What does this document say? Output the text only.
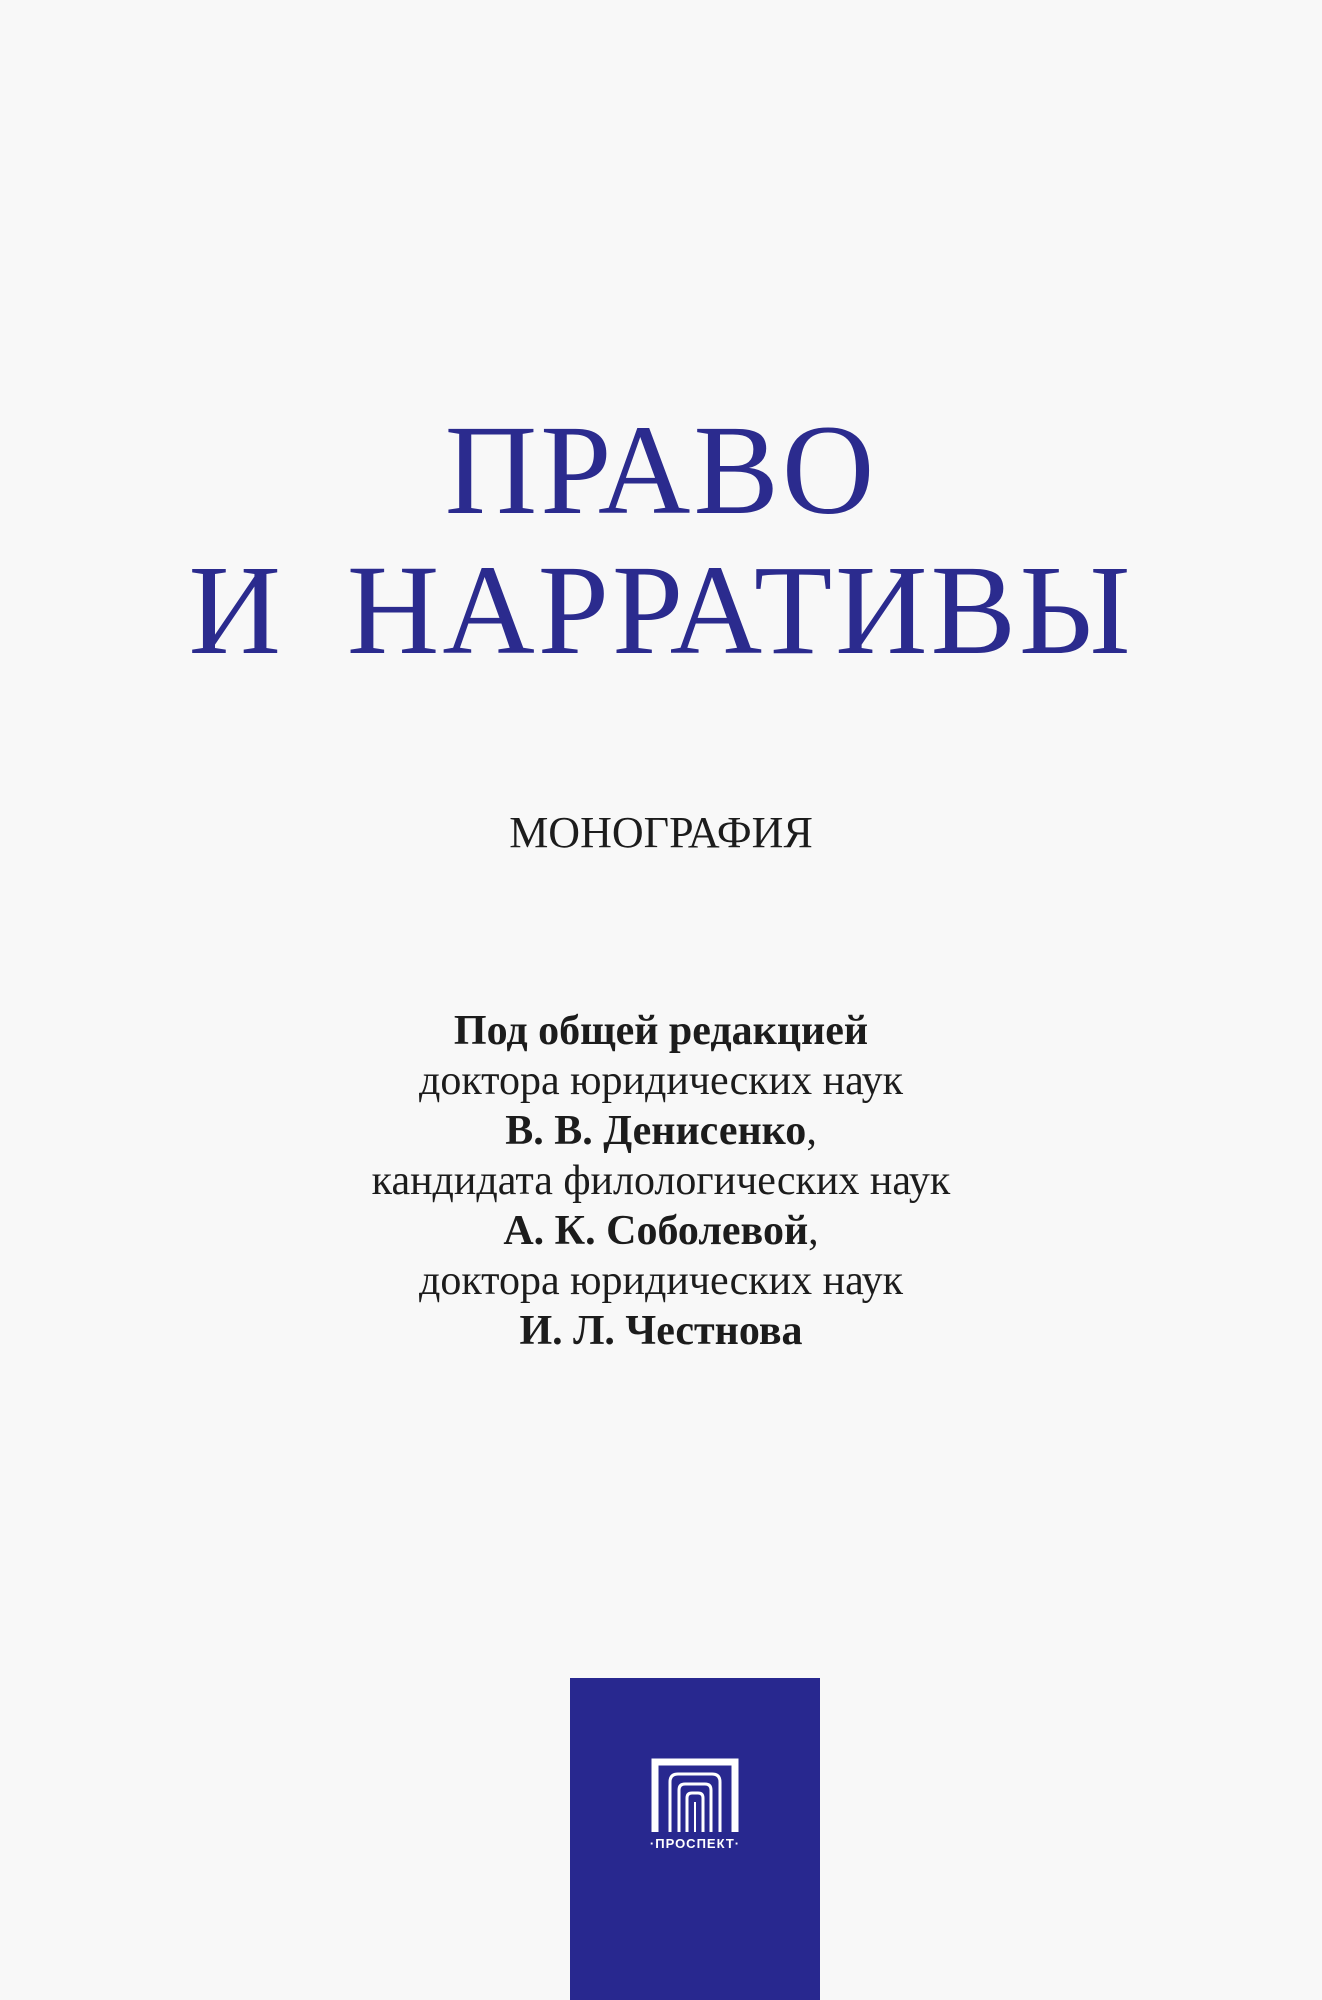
ПРАВО
И НАРРАТИВЫ
МОНОГРАФИЯ
Под общей редакцией
доктора юридических наук
В. В. Денисенко,
кандидата филологических наук
А. К. Соболевой,
доктора юридических наук
И. Л. Честнова
·ПРОСПЕКТ·
